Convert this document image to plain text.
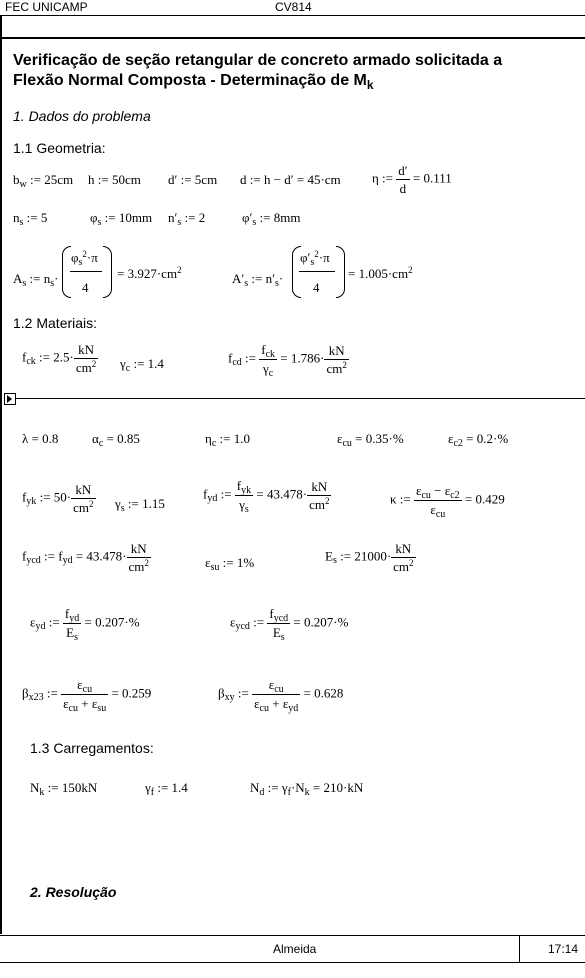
FEC UNICAMP	CV814
Verificação de seção retangular de concreto armado solicitada a
Flexão Normal Composta - Determinação de $M_k$
1. Dados do problema
1.1 Geometria:
$b_w$ := 25cm h := 50cm d′ := 5cm d := h − d′ = 45·cm η := $\frac{d'}{d} = 0.111$
$n_s$ := 5	$\varphi_s$ := 10mm $n'_s$ := 2	$\varphi'_s$ := 8mm
$A_s$ := $n_s\cdot$
$\varphi_s^2\cdot\pi$
4
= $3.927\cdot cm^2$
$A'_s$ := $n'_s\cdot$
$\varphi'_s^2\cdot\pi$
4
= $1.005\cdot cm^2$
1.2 Materiais:
$f_{ck}$ := $2.5\cdot \frac{kN}{cm^2} \gamma_c$ := 1.4	$f_{cd}$ := $\frac{f_{ck}}{\gamma_c} = 1.786\cdot \frac{kN}{cm^2}$
λ = 0.8	$\alpha_c = 0.85$	$\eta_c$ := 1.0	$\varepsilon_{cu} = 0.35\cdot\%$	$\varepsilon_{c2} = 0.2\cdot\%$
$f_{yk}$ := $50\cdot \frac{kN}{cm^2} \gamma_s$ := 1.15
$f_{yd}$ := $\frac{f_{yk}}{\gamma_s} = 43.478\cdot \frac{kN}{cm^2}$	κ := $\frac{\varepsilon_{cu} - \varepsilon_{c2}}{\varepsilon_{cu}} = 0.429$
$f_{ycd}$ := $f_{yd} = 43.478\cdot \frac{kN}{cm^2}$	$\varepsilon_{su}$ := 1%	$E_s$ := $21000\cdot \frac{kN}{cm^2}$
$\varepsilon_{yd}$ := $\frac{f_{yd}}{E_s} = 0.207\cdot\%$	$\varepsilon_{ycd}$ := $\frac{f_{ycd}}{E_s} = 0.207\cdot\%$
$\beta_{x23}$ := $\frac{\varepsilon_{cu}}{\varepsilon_{cu} + \varepsilon_{su}} = 0.259$	$\beta_{xy}$ := $\frac{\varepsilon_{cu}}{\varepsilon_{cu} + \varepsilon_{yd}} = 0.628$
1.3 Carregamentos:
$N_k$ := 150kN	$\gamma_f$ := 1.4	$N_d$ := $\gamma_f\cdot N_k = 210\cdot kN$
2. Resolução
Almeida	17:14
